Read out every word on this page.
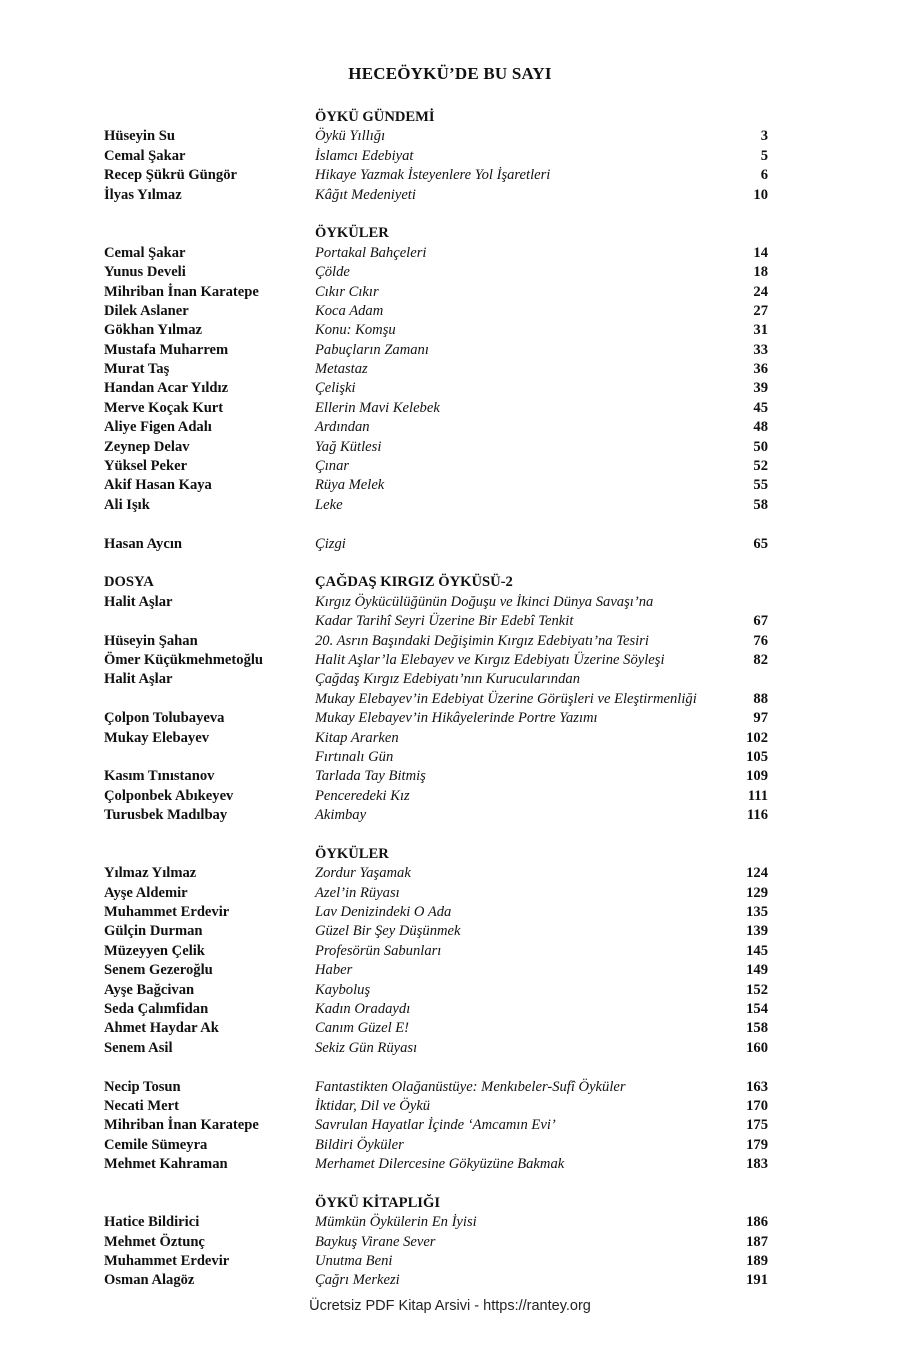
HECEÖYKÜ’DE BU SAYI
ÖYKÜ GÜNDEMİ
Hüseyin Su	Öykü Yıllığı	3
Cemal Şakar	İslamcı Edebiyat	5
Recep Şükrü Güngör	Hikaye Yazmak İsteyenlere Yol İşaretleri	6
İlyas Yılmaz	Kâğıt Medeniyeti	10
ÖYKÜLER
Cemal Şakar	Portakal Bahçeleri	14
Yunus Develi	Çölde	18
Mihriban İnan Karatepe	Cıkır Cıkır	24
Dilek Aslaner	Koca Adam	27
Gökhan Yılmaz	Konu: Komşu	31
Mustafa Muharrem	Pabuçların Zamanı	33
Murat Taş	Metastaz	36
Handan Acar Yıldız	Çelişki	39
Merve Koçak Kurt	Ellerin Mavi Kelebek	45
Aliye Figen Adalı	Ardından	48
Zeynep Delav	Yağ Kütlesi	50
Yüksel Peker	Çınar	52
Akif Hasan Kaya	Rüya Melek	55
Ali Işık	Leke	58
Hasan Aycın	Çizgi	65
DOSYA	ÇAĞDAŞ KIRGIZ ÖYKÜSÜ-2
Halit Aşlar	Kırgız Öykücülüğünün Doğuşu ve İkinci Dünya Savaşı’na
Kadar Tarihî Seyri Üzerine Bir Edebî Tenkit	67
Hüseyin Şahan	20. Asrın Başındaki Değişimin Kırgız Edebiyatı’na Tesiri	76
Ömer Küçükmehmetoğlu	Halit Aşlar’la Elebayev ve Kırgız Edebiyatı Üzerine Söyleşi	82
Halit Aşlar	Çağdaş Kırgız Edebiyatı’nın Kurucularından
Mukay Elebayev’in Edebiyat Üzerine Görüşleri ve Eleştirmenliği	88
Çolpon Tolubayeva	Mukay Elebayev’in Hikâyelerinde Portre Yazımı	97
Mukay Elebayev	Kitap Ararken	102
Fırtınalı Gün	105
Kasım Tınıstanov	Tarlada Tay Bitmiş	109
Çolponbek Abıkeyev	Penceredeki Kız	111
Turusbek Madılbay	Akimbay	116
ÖYKÜLER
Yılmaz Yılmaz	Zordur Yaşamak	124
Ayşe Aldemir	Azel’in Rüyası	129
Muhammet Erdevir	Lav Denizindeki O Ada	135
Gülçin Durman	Güzel Bir Şey Düşünmek	139
Müzeyyen Çelik	Profesörün Sabunları	145
Senem Gezeroğlu	Haber	149
Ayşe Bağcivan	Kayboluş	152
Seda Çalımfidan	Kadın Oradaydı	154
Ahmet Haydar Ak	Canım Güzel E!	158
Senem Asil	Sekiz Gün Rüyası	160
Necip Tosun	Fantastikten Olağanüstüye: Menkıbeler-Sufî Öyküler	163
Necati Mert	İktidar, Dil ve Öykü	170
Mihriban İnan Karatepe	Savrulan Hayatlar İçinde ‘Amcamın Evi’	175
Cemile Sümeyra	Bildiri Öyküler	179
Mehmet Kahraman	Merhamet Dilercesine Gökyüzüne Bakmak	183
ÖYKÜ KİTAPLIĞI
Hatice Bildirici	Mümkün Öykülerin En İyisi	186
Mehmet Öztunç	Baykuş Virane Sever	187
Muhammet Erdevir	Unutma Beni	189
Osman Alagöz	Çağrı Merkezi	191
Ücretsiz PDF Kitap Arsivi - https://rantey.org
